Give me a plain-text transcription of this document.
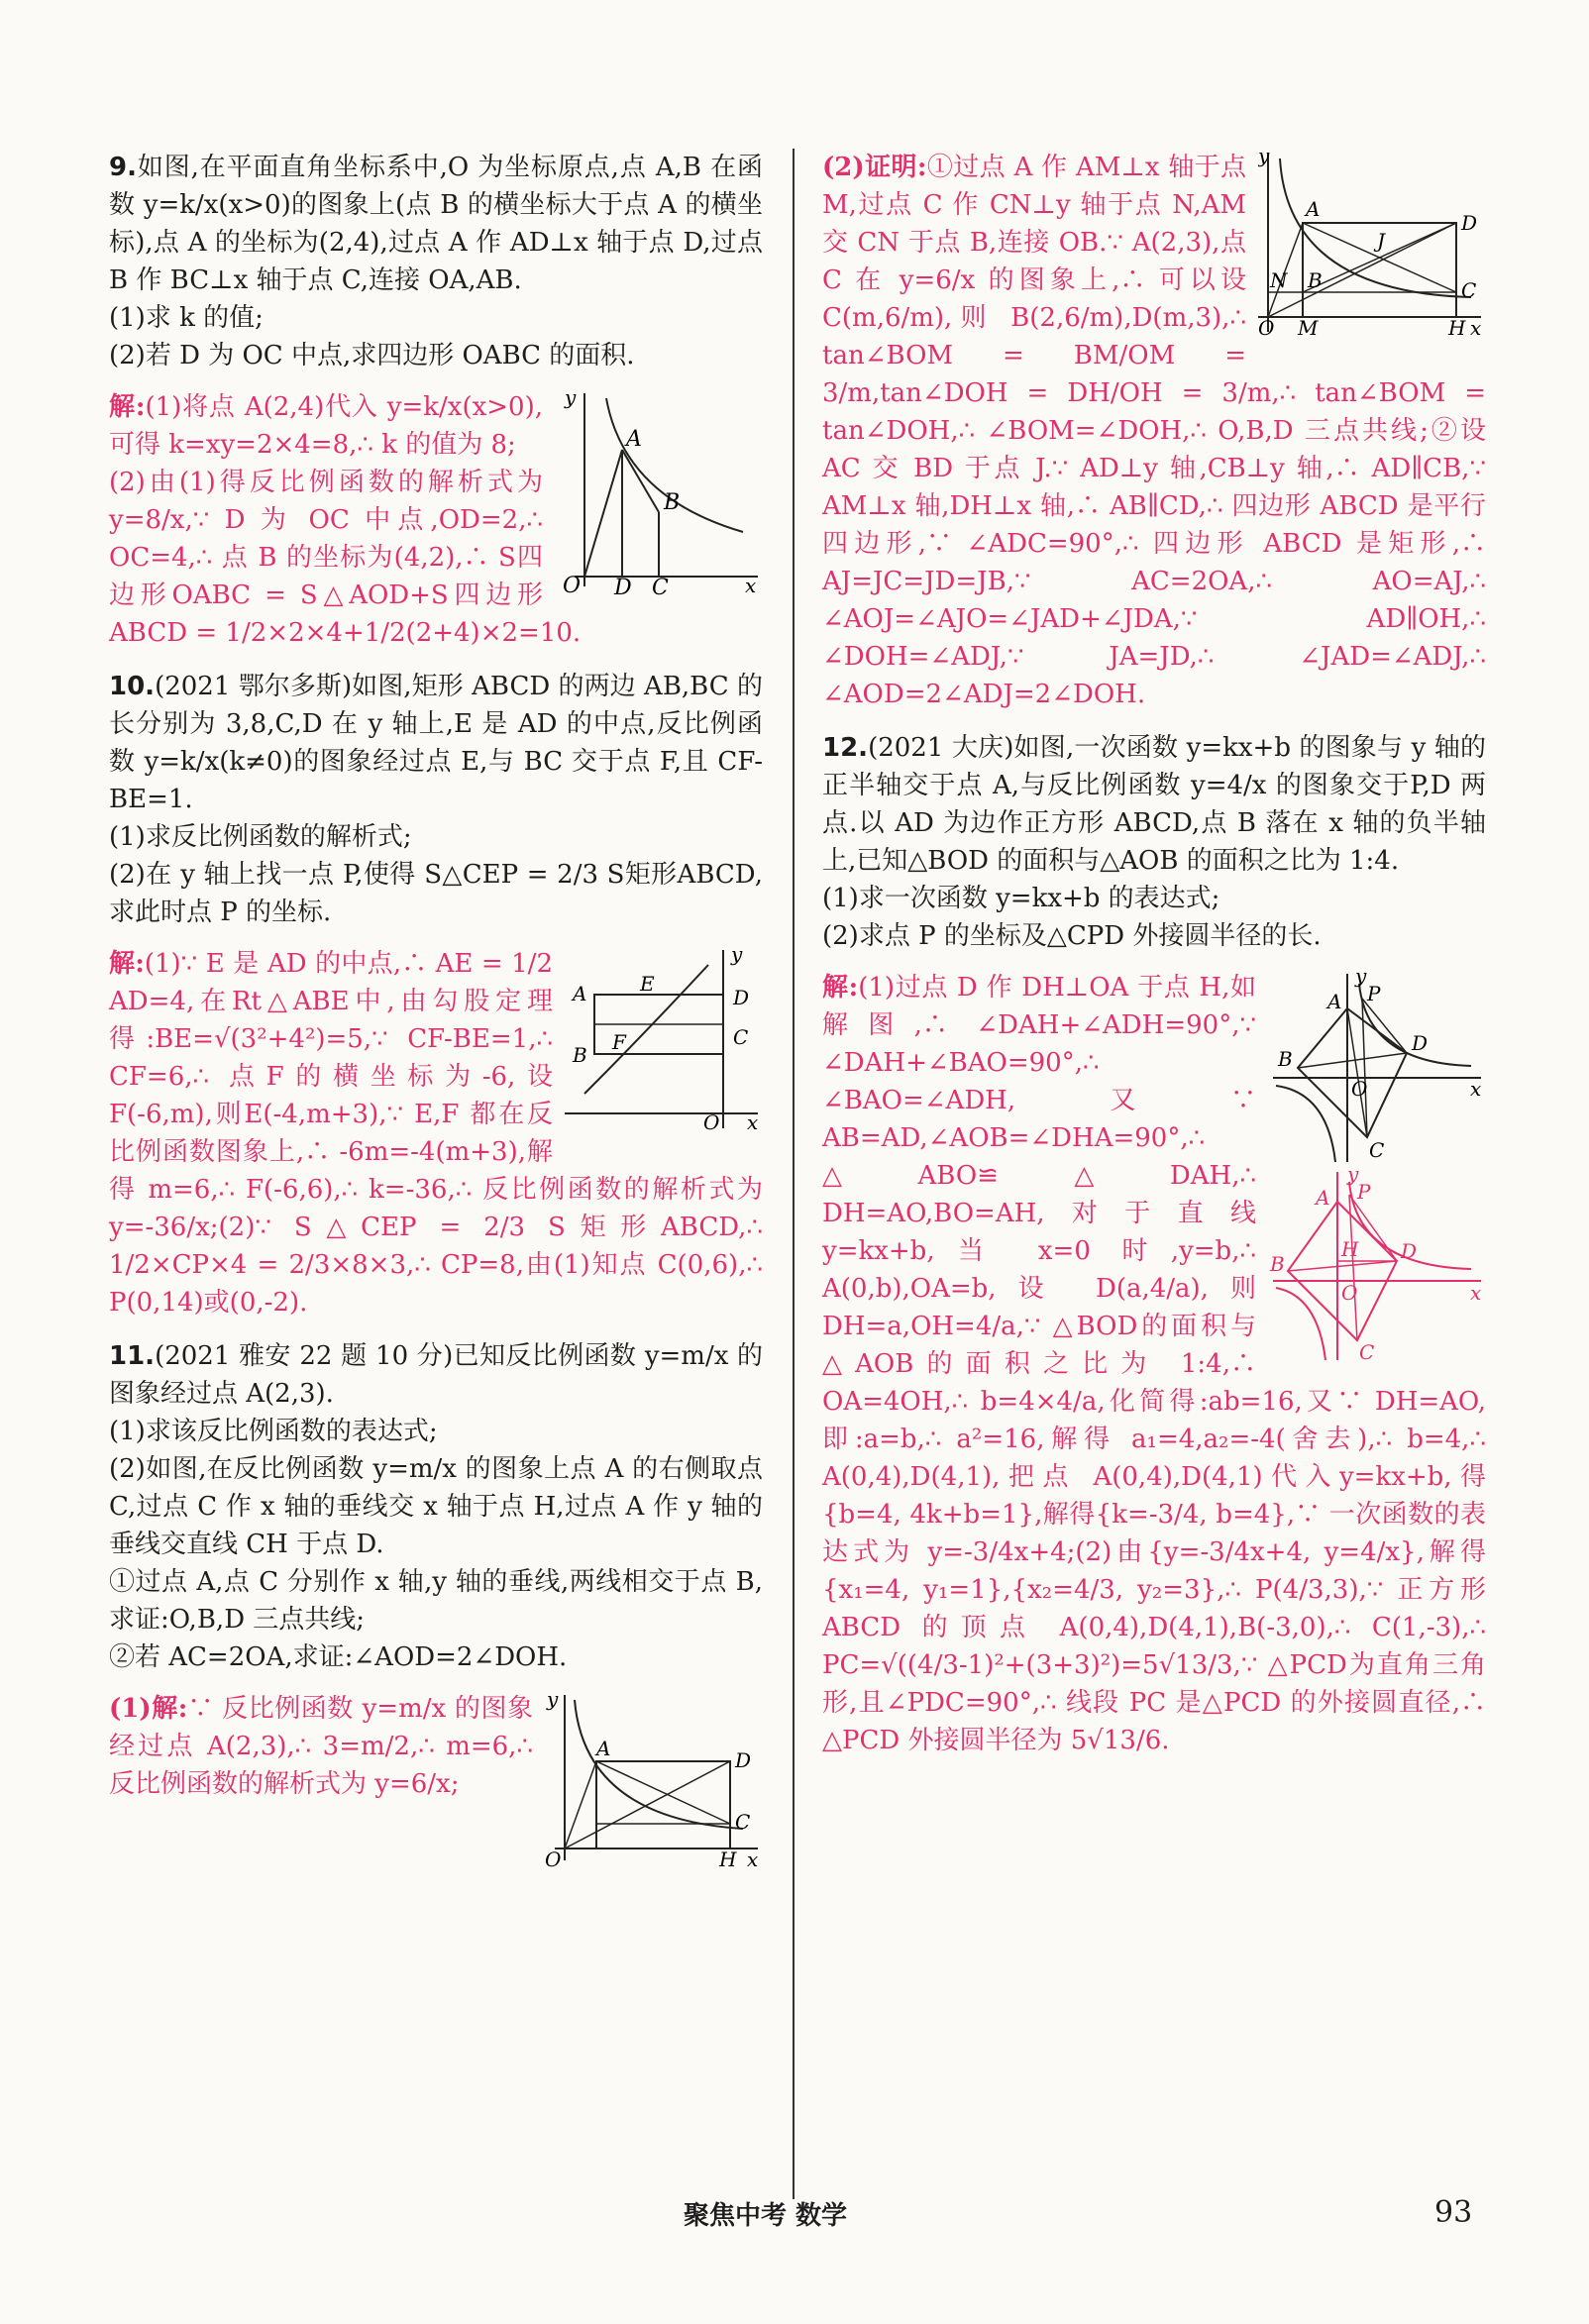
9.如图,在平面直角坐标系中,O 为坐标原点,点 A,B 在函数 y=k/x(x>0)的图象上(点 B 的横坐标大于点 A 的横坐标),点 A 的坐标为(2,4),过点 A 作 AD⊥x 轴于点 D,过点 B 作 BC⊥x 轴于点 C,连接 OA,AB.

(1)求 k 的值;

(2)若 D 为 OC 中点,求四边形 OABC 的面积.

y
A
B
O D C	x

解:(1)将点 A(2,4)代入 y=k/x(x>0),可得 k=xy=2×4=8,∴ k 的值为 8;

(2)由(1)得反比例函数的解析式为 y=8/x,∵ D 为 OC 中点,OD=2,∴ OC=4,∴ 点 B 的坐标为(4,2),∴ S四边形OABC = S△AOD+S四边形ABCD = 1/2×2×4+1/2(2+4)×2=10.

10.(2021 鄂尔多斯)如图,矩形 ABCD 的两边 AB,BC 的长分别为 3,8,C,D 在 y 轴上,E 是 AD 的中点,反比例函数 y=k/x(k≠0)的图象经过点 E,与 BC 交于点 F,且 CF-BE=1.

(1)求反比例函数的解析式;

(2)在 y 轴上找一点 P,使得 S△CEP = 2/3 S矩形ABCD,求此时点 P 的坐标.

y
A	E
D
B
F	C
O x

解:(1)∵ E 是 AD 的中点,∴ AE = 1/2 AD=4,在Rt△ABE中,由勾股定理得:BE=√(3²+4²)=5,∵ CF-BE=1,∴ CF=6,∴ 点F的横坐标为-6,设 F(-6,m),则E(-4,m+3),∵ E,F 都在反比例函数图象上,∴ -6m=-4(m+3),解得 m=6,∴ F(-6,6),∴ k=-36,∴ 反比例函数的解析式为 y=-36/x;(2)∵ S△CEP = 2/3 S矩形ABCD,∴ 1/2×CP×4 = 2/3×8×3,∴ CP=8,由(1)知点 C(0,6),∴ P(0,14)或(0,-2).

11.(2021 雅安 22 题 10 分)已知反比例函数 y=m/x 的图象经过点 A(2,3).

(1)求该反比例函数的表达式;

(2)如图,在反比例函数 y=m/x 的图象上点 A 的右侧取点 C,过点 C 作 x 轴的垂线交 x 轴于点 H,过点 A 作 y 轴的垂线交直线 CH 于点 D.

①过点 A,点 C 分别作 x 轴,y 轴的垂线,两线相交于点 B,求证:O,B,D 三点共线;

②若 AC=2OA,求证:∠AOD=2∠DOH.

y
A	D
C
O	H x

(1)解:∵ 反比例函数 y=m/x 的图象经过点 A(2,3),∴ 3=m/2,∴ m=6,∴ 反比例函数的解析式为 y=6/x;

y
A
J
D
N B	C
O M	H x

(2)证明:①过点 A 作 AM⊥x 轴于点 M,过点 C 作 CN⊥y 轴于点 N,AM 交 CN 于点 B,连接 OB.∵ A(2,3),点 C 在 y=6/x 的图象上,∴ 可以设 C(m,6/m),则 B(2,6/m),D(m,3),∴ tan∠BOM = BM/OM = 3/m,tan∠DOH = DH/OH = 3/m,∴ tan∠BOM = tan∠DOH,∴ ∠BOM=∠DOH,∴ O,B,D 三点共线;②设 AC 交 BD 于点 J.∵ AD⊥y 轴,CB⊥y 轴,∴ AD∥CB,∵ AM⊥x 轴,DH⊥x 轴,∴ AB∥CD,∴ 四边形 ABCD 是平行四边形,∵ ∠ADC=90°,∴ 四边形 ABCD 是矩形,∴ AJ=JC=JD=JB,∵ AC=2OA,∴ AO=AJ,∴ ∠AOJ=∠AJO=∠JAD+∠JDA,∵ AD∥OH,∴ ∠DOH=∠ADJ,∵ JA=JD,∴ ∠JAD=∠ADJ,∴ ∠AOD=2∠ADJ=2∠DOH.

12.(2021 大庆)如图,一次函数 y=kx+b 的图象与 y 轴的正半轴交于点 A,与反比例函数 y=4/x 的图象交于P,D 两点.以 AD 为边作正方形 ABCD,点 B 落在 x 轴的负半轴上,已知△BOD 的面积与△AOB 的面积之比为 1:4.

(1)求一次函数 y=kx+b 的表达式;

(2)求点 P 的坐标及△CPD 外接圆半径的长.

y
A P
B
D
O	x
C
y
P
A
H
B
D
O	x
C

解:(1)过点 D 作 DH⊥OA 于点 H,如解图,∴ ∠DAH+∠ADH=90°,∵ ∠DAH+∠BAO=90°,∴ ∠BAO=∠ADH,又∵ AB=AD,∠AOB=∠DHA=90°,∴ △ABO≌△DAH,∴ DH=AO,BO=AH,对于直线 y=kx+b,当 x=0 时,y=b,∴ A(0,b),OA=b,设 D(a,4/a),则 DH=a,OH=4/a,∵ △BOD的面积与△AOB的面积之比为 1:4,∴ OA=4OH,∴ b=4×4/a,化简得:ab=16,又∵ DH=AO,即:a=b,∴ a²=16,解得 a₁=4,a₂=-4(舍去),∴ b=4,∴ A(0,4),D(4,1),把点 A(0,4),D(4,1)代入y=kx+b,得{b=4, 4k+b=1},解得{k=-3/4, b=4},∵ 一次函数的表达式为 y=-3/4x+4;(2)由{y=-3/4x+4, y=4/x},解得{x₁=4, y₁=1},{x₂=4/3, y₂=3},∴ P(4/3,3),∵ 正方形 ABCD 的顶点 A(0,4),D(4,1),B(-3,0),∴ C(1,-3),∴ PC=√((4/3-1)²+(3+3)²)=5√13/3,∵ △PCD为直角三角形,且∠PDC=90°,∴ 线段 PC 是△PCD 的外接圆直径,∴ △PCD 外接圆半径为 5√13/6.

聚焦中考 数学	93
